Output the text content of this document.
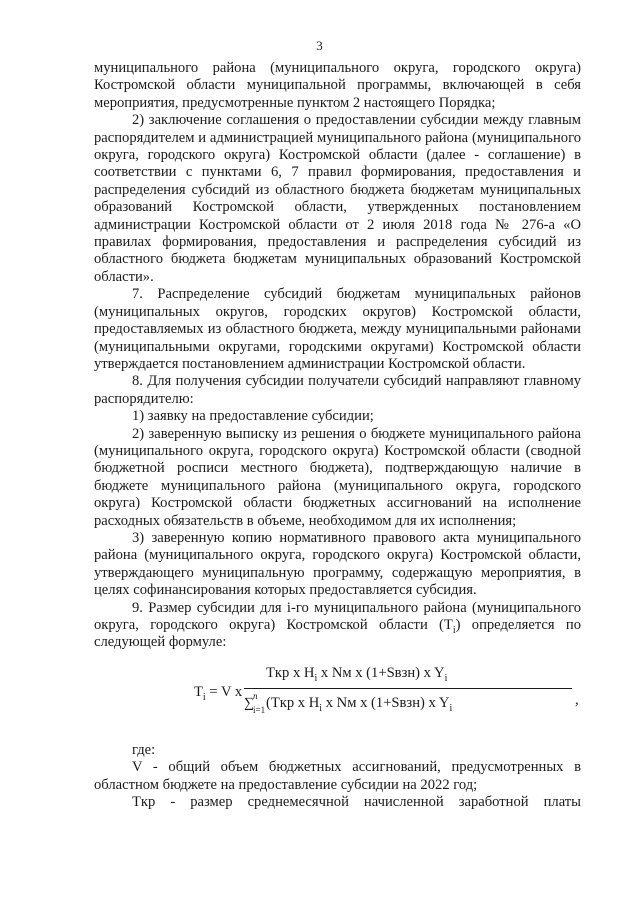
3

муниципального района (муниципального округа, городского округа) Костромской области муниципальной программы, включающей в себя мероприятия, предусмотренные пунктом 2 настоящего Порядка;

2) заключение соглашения о предоставлении субсидии между главным распорядителем и администрацией муниципального района (муниципального округа, городского округа) Костромской области (далее - соглашение) в соответствии с пунктами 6, 7 правил формирования, предоставления и распределения субсидий из областного бюджета бюджетам муниципальных образований Костромской области, утвержденных постановлением администрации Костромской области от 2 июля 2018 года № 276-а «О правилах формирования, предоставления и распределения субсидий из областного бюджета бюджетам муниципальных образований Костромской области».

7. Распределение субсидий бюджетам муниципальных районов (муниципальных округов, городских округов) Костромской области, предоставляемых из областного бюджета, между муниципальными районами (муниципальными округами, городскими округами) Костромской области утверждается постановлением администрации Костромской области.

8. Для получения субсидии получатели субсидий направляют главному распорядителю:

1) заявку на предоставление субсидии;

2) заверенную выписку из решения о бюджете муниципального района (муниципального округа, городского округа) Костромской области (сводной бюджетной росписи местного бюджета), подтверждающую наличие в бюджете муниципального района (муниципального округа, городского округа) Костромской области бюджетных ассигнований на исполнение расходных обязательств в объеме, необходимом для их исполнения;

3) заверенную копию нормативного правового акта муниципального района (муниципального округа, городского округа) Костромской области, утверждающего муниципальную программу, содержащую мероприятия, в целях софинансирования которых предоставляется субсидия.

9. Размер субсидии для i-го муниципального района (муниципального округа, городского округа) Костромской области $(T_i)$ определяется по следующей формуле:

$T_i = V$ x
Tкр x $H_i$ x Nм x (1+Sвзн) x $Y_i$
∑ n
i=1 (Tкр x $H_i$ x Nм x (1+Sвзн) x $Y_i$
,

где:

V - общий объем бюджетных ассигнований, предусмотренных в областном бюджете на предоставление субсидии на 2022 год;

Tкр - размер среднемесячной начисленной заработной платы
